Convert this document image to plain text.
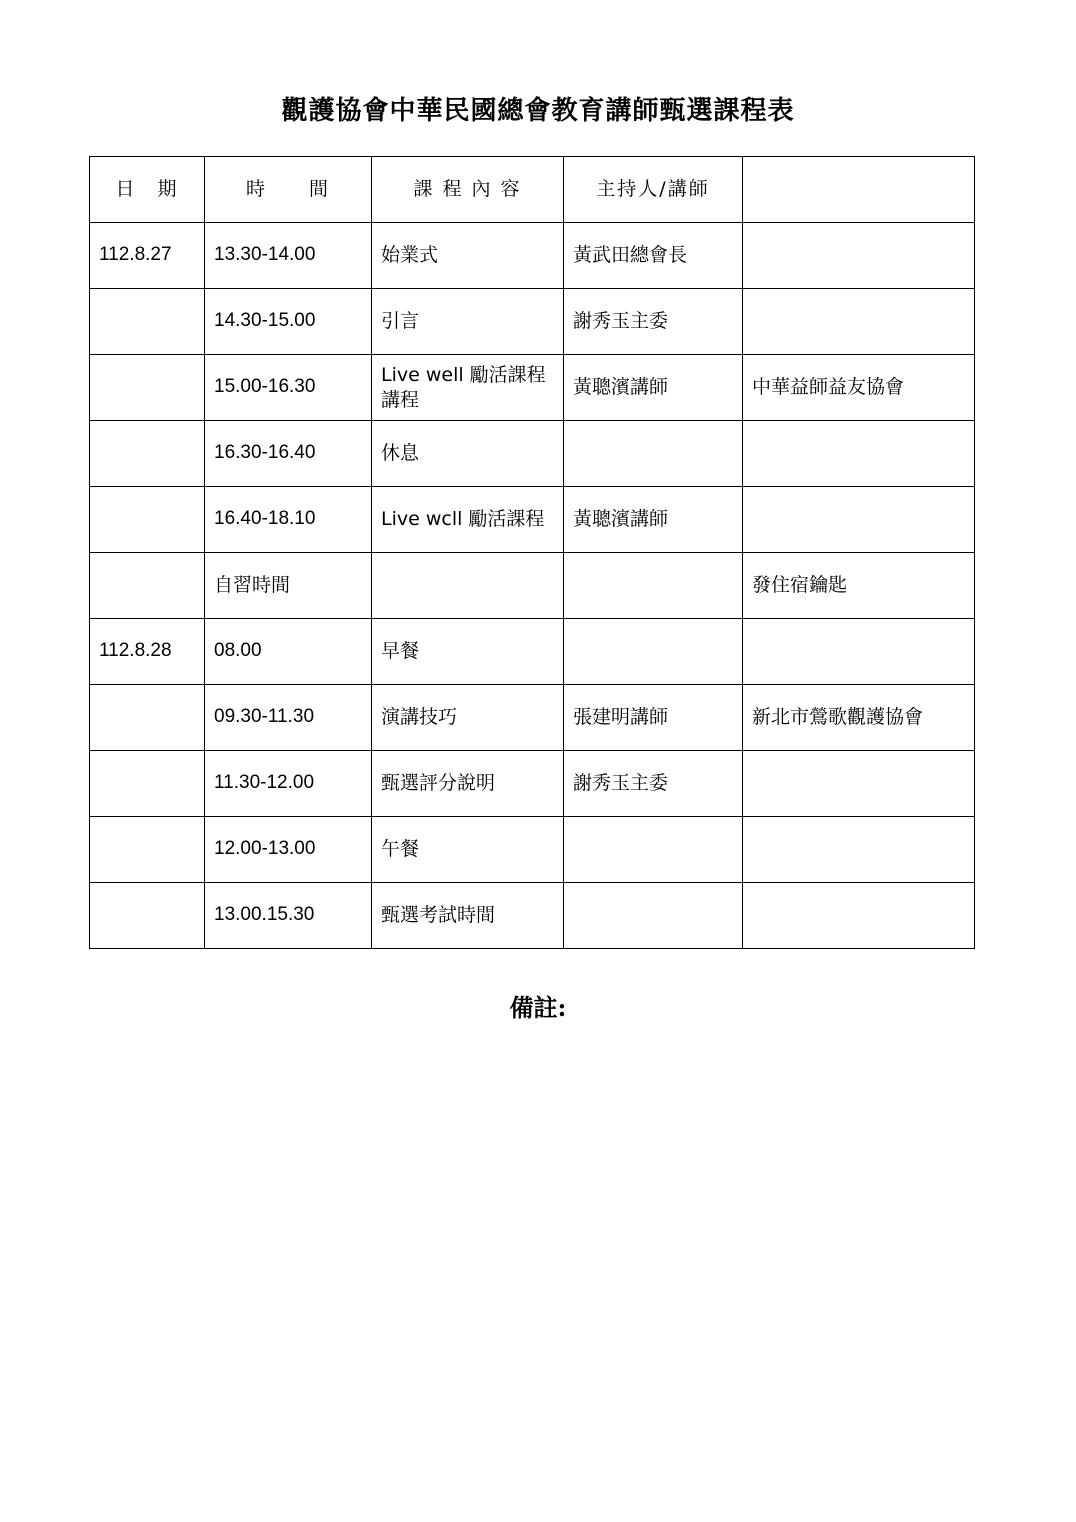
觀護協會中華民國總會教育講師甄選課程表
日　期	時　　間	課 程 內 容	主持人/講師	
112.8.27	13.30-14.00	始業式	黃武田總會長	
	14.30-15.00	引言	謝秀玉主委	
	15.00-16.30	Live well 勵活課程講程	黃聰濱講師	中華益師益友協會
	16.30-16.40	休息		
	16.40-18.10	Live wcll 勵活課程	黃聰濱講師	
	自習時間			發住宿鑰匙
112.8.28	08.00	早餐		
	09.30-11.30	演講技巧	張建明講師	新北市鶯歌觀護協會
	11.30-12.00	甄選評分說明	謝秀玉主委	
	12.00-13.00	午餐		
	13.00.15.30	甄選考試時間		
備註:
